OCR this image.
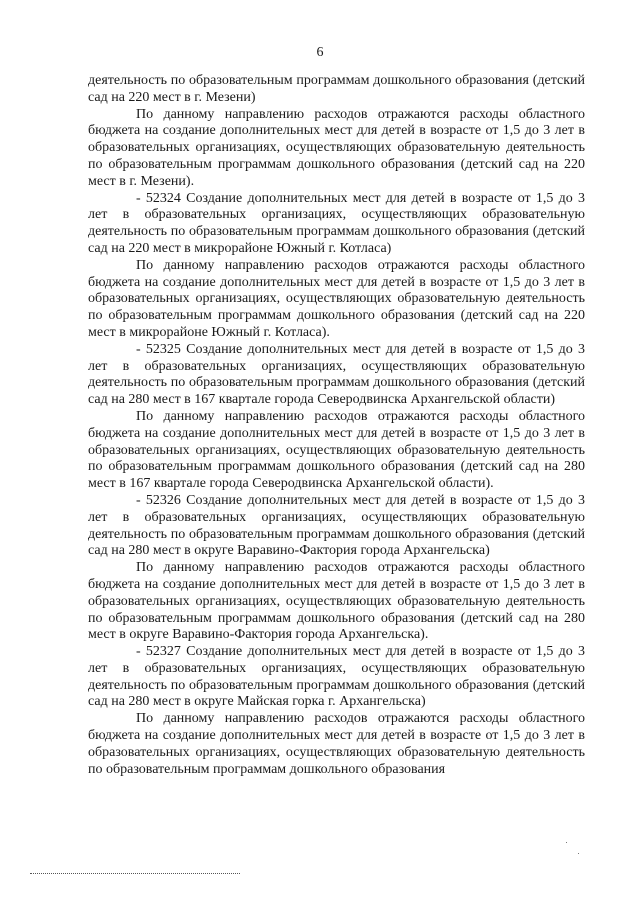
6

деятельность по образовательным программам дошкольного образования (детский сад на 220 мест в г. Мезени)

По данному направлению расходов отражаются расходы областного бюджета на создание дополнительных мест для детей в возрасте от 1,5 до 3 лет в образовательных организациях, осуществляющих образовательную деятельность по образовательным программам дошкольного образования (детский сад на 220 мест в г. Мезени).

- 52324 Создание дополнительных мест для детей в возрасте от 1,5 до 3 лет в образовательных организациях, осуществляющих образовательную деятельность по образовательным программам дошкольного образования (детский сад на 220 мест в микрорайоне Южный г. Котласа)

По данному направлению расходов отражаются расходы областного бюджета на создание дополнительных мест для детей в возрасте от 1,5 до 3 лет в образовательных организациях, осуществляющих образовательную деятельность по образовательным программам дошкольного образования (детский сад на 220 мест в микрорайоне Южный г. Котласа).

- 52325 Создание дополнительных мест для детей в возрасте от 1,5 до 3 лет в образовательных организациях, осуществляющих образовательную деятельность по образовательным программам дошкольного образования (детский сад на 280 мест в 167 квартале города Северодвинска Архангельской области)

По данному направлению расходов отражаются расходы областного бюджета на создание дополнительных мест для детей в возрасте от 1,5 до 3 лет в образовательных организациях, осуществляющих образовательную деятельность по образовательным программам дошкольного образования (детский сад на 280 мест в 167 квартале города Северодвинска Архангельской области).

- 52326 Создание дополнительных мест для детей в возрасте от 1,5 до 3 лет в образовательных организациях, осуществляющих образовательную деятельность по образовательным программам дошкольного образования (детский сад на 280 мест в округе Варавино-Фактория города Архангельска)

По данному направлению расходов отражаются расходы областного бюджета на создание дополнительных мест для детей в возрасте от 1,5 до 3 лет в образовательных организациях, осуществляющих образовательную деятельность по образовательным программам дошкольного образования (детский сад на 280 мест в округе Варавино-Фактория города Архангельска).

- 52327 Создание дополнительных мест для детей в возрасте от 1,5 до 3 лет в образовательных организациях, осуществляющих образовательную деятельность по образовательным программам дошкольного образования (детский сад на 280 мест в округе Майская горка г. Архангельска)

По данному направлению расходов отражаются расходы областного бюджета на создание дополнительных мест для детей в возрасте от 1,5 до 3 лет в образовательных организациях, осуществляющих образовательную деятельность по образовательным программам дошкольного образования
